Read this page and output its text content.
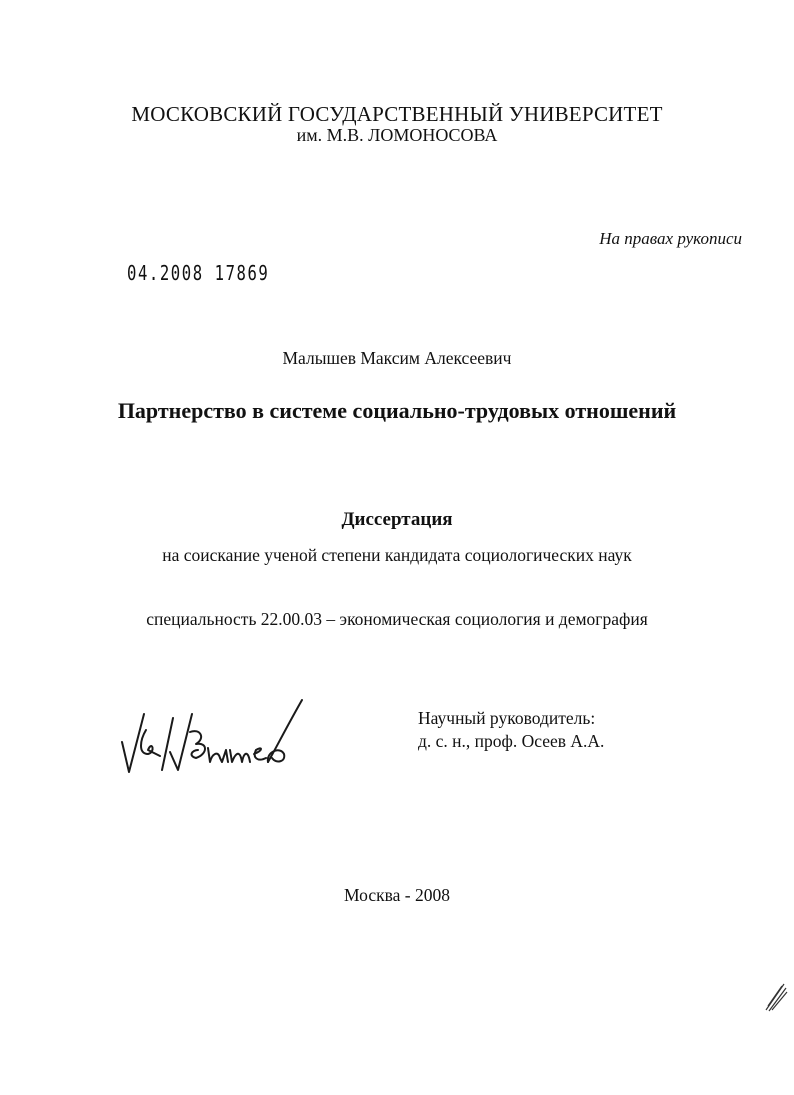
МОСКОВСКИЙ ГОСУДАРСТВЕННЫЙ УНИВЕРСИТЕТ
им. М.В. ЛОМОНОСОВА
На правах рукописи
04.2008 17869
Малышев Максим Алексеевич
Партнерство в системе социально-трудовых отношений
Диссертация
на соискание ученой степени кандидата социологических наук
специальность 22.00.03 – экономическая социология и демография
Научный руководитель:
д. с. н., проф. Осеев А.А.
Москва - 2008
